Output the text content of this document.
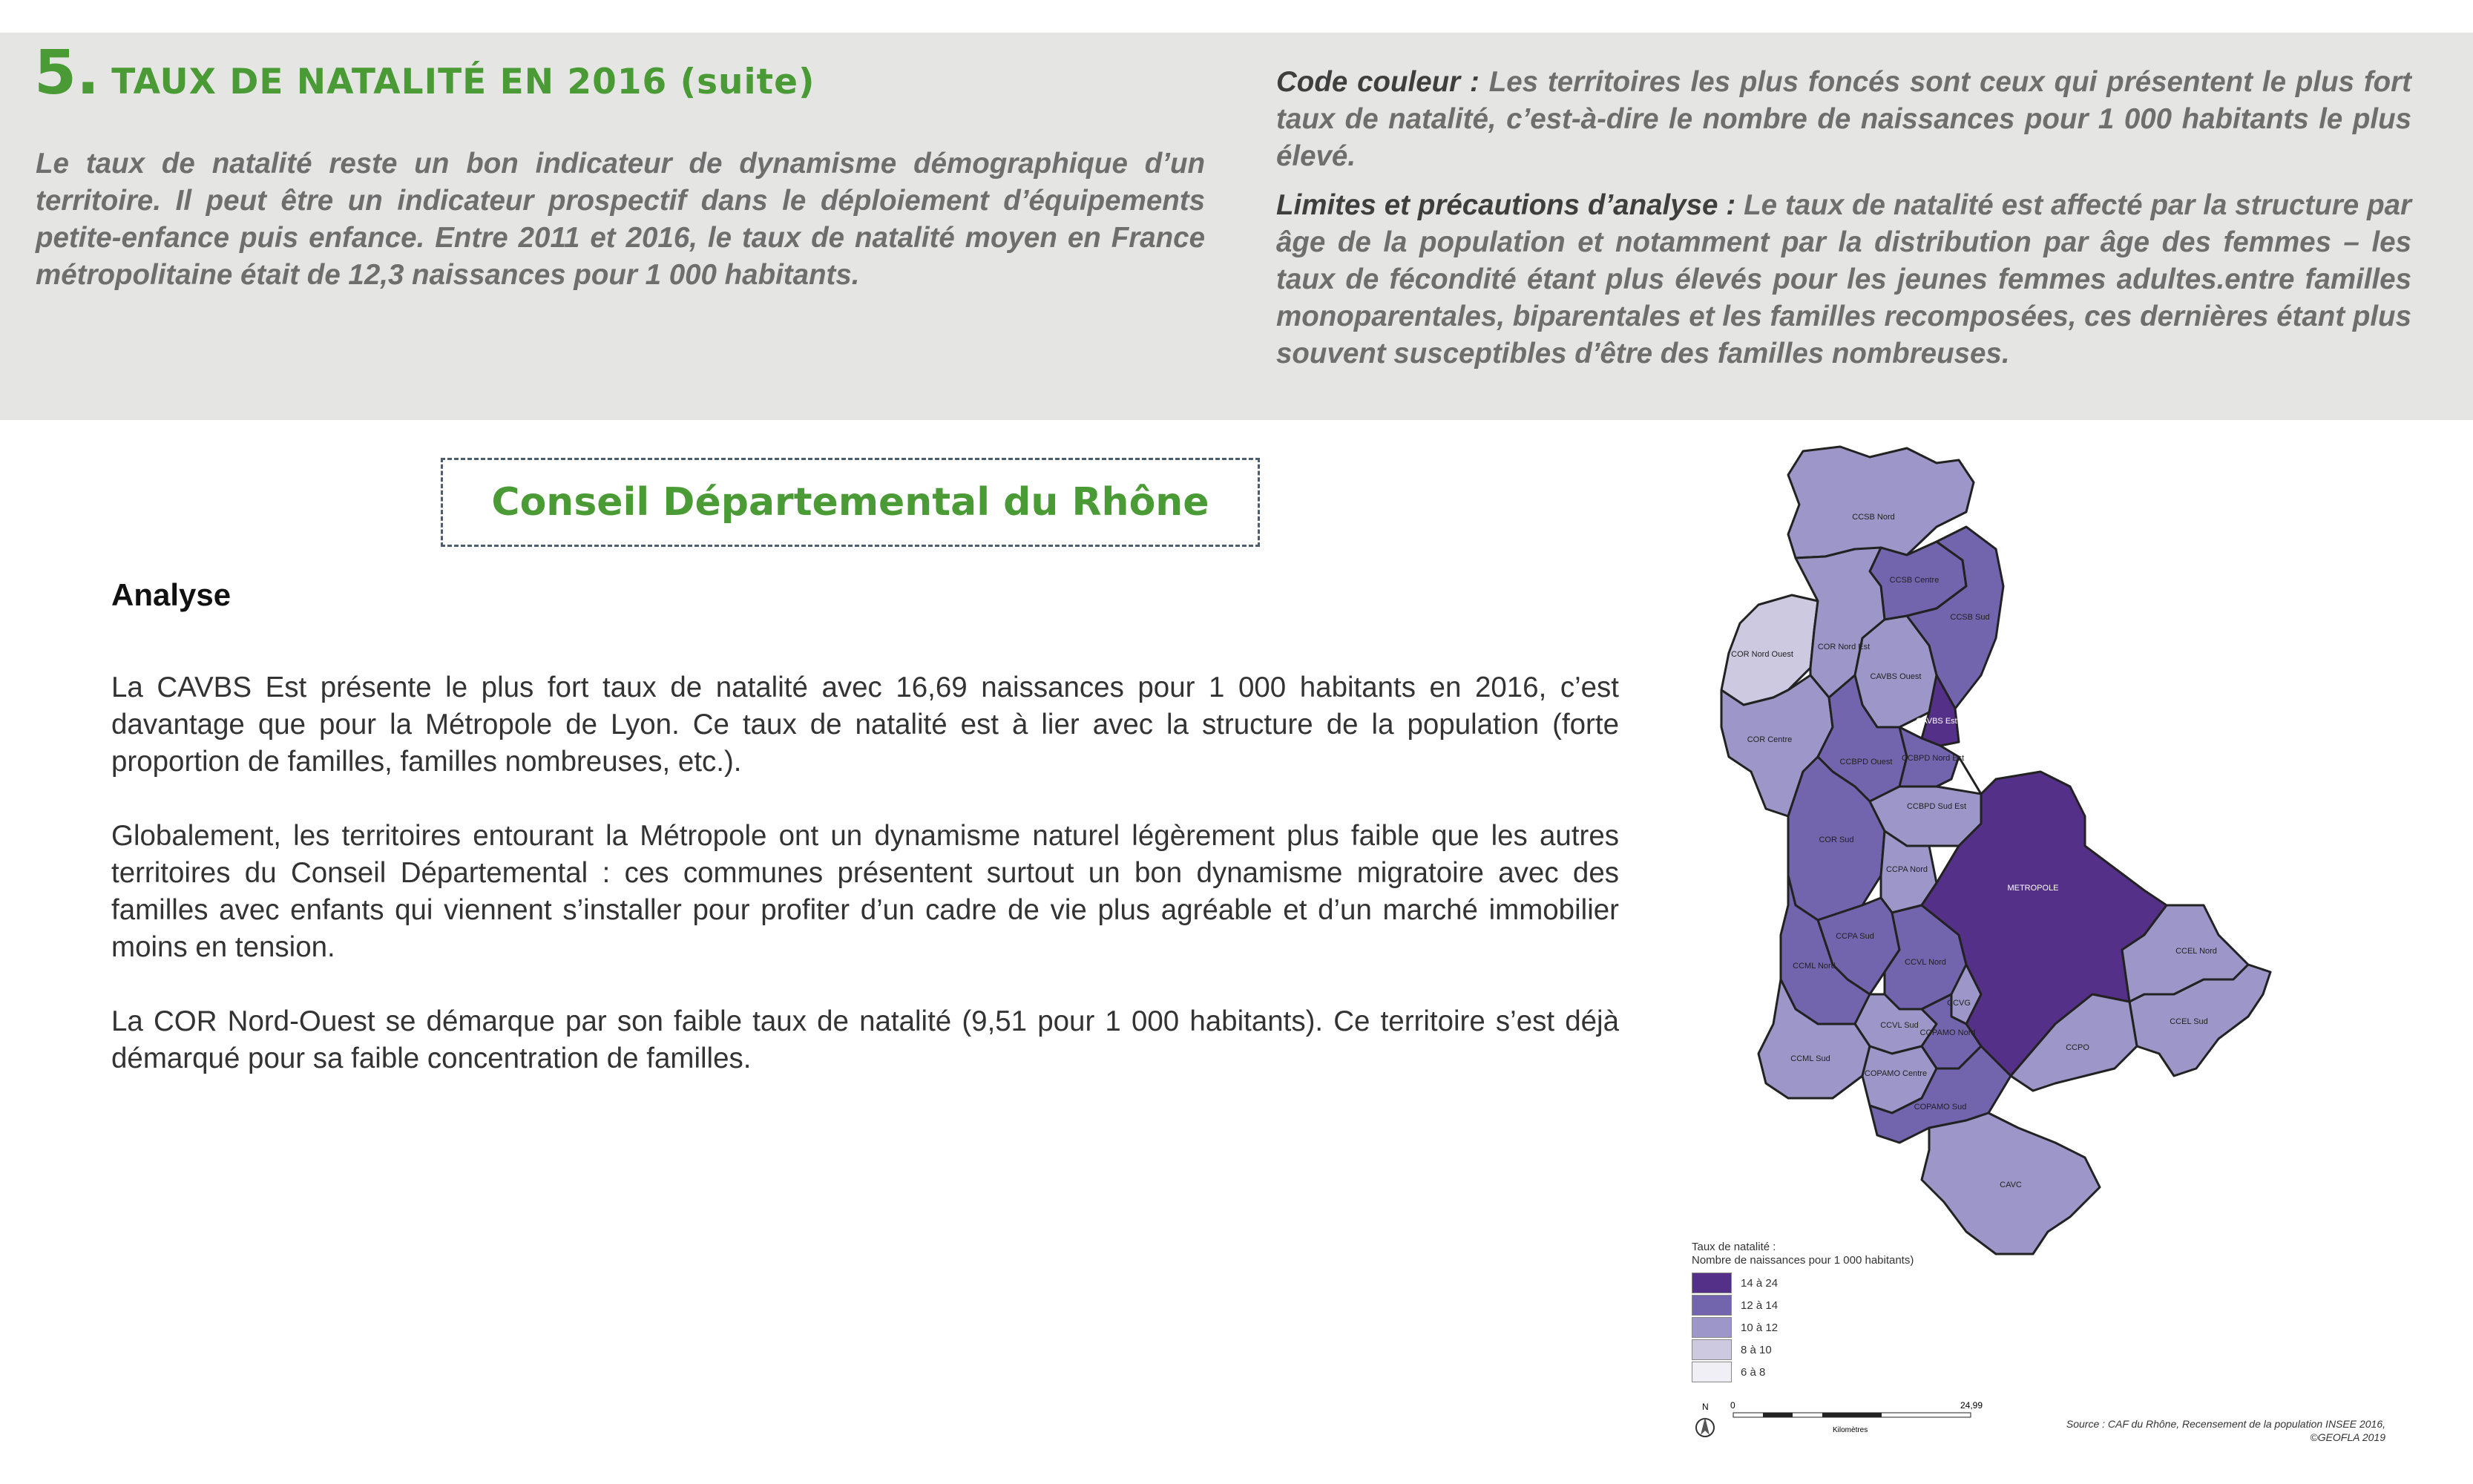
5. TAUX DE NATALITÉ EN 2016 (suite)

Le taux de natalité reste un bon indicateur de dynamisme démographique d’un territoire. Il peut être un indicateur prospectif dans le déploiement d’équipements petite-enfance puis enfance. Entre 2011 et 2016, le taux de natalité moyen en France métropolitaine était de 12,3 naissances pour 1 000 habitants.

Code couleur : Les territoires les plus foncés sont ceux qui présentent le plus fort taux de natalité, c’est-à-dire le nombre de naissances pour 1 000 habitants le plus élevé.

Limites et précautions d’analyse : Le taux de natalité est affecté par la structure par âge de la population et notamment par la distribution par âge des femmes – les taux de fécondité étant plus élevés pour les jeunes femmes adultes.entre familles monoparentales, biparentales et les familles recomposées, ces dernières étant plus souvent susceptibles d’être des familles nombreuses.

Conseil Départemental du Rhône
Analyse

La CAVBS Est présente le plus fort taux de natalité avec 16,69 naissances pour 1 000 habitants en 2016, c’est davantage que pour la Métropole de Lyon. Ce taux de natalité est à lier avec la structure de la population (forte proportion de familles, familles nombreuses, etc.).

Globalement, les territoires entourant la Métropole ont un dynamisme naturel légèrement plus faible que les autres territoires du Conseil Départemental : ces communes présentent surtout un bon dynamisme migratoire avec des familles avec enfants qui viennent s’installer pour profiter d’un cadre de vie plus agréable et d’un marché immobilier moins en tension.

La COR Nord-Ouest se démarque par son faible taux de natalité (9,51 pour 1 000 habitants). Ce territoire s’est déjà démarqué pour sa faible concentration de familles.

CCSB Nord
CCSB Centre
CCSB Sud
COR Nord Ouest
COR Nord Est
CAVBS Ouest
CAVBS Est
COR Centre
CCBPD Ouest CCBPD Nord Est
COR Sud
CCBPD Sud Est
CCPA Nord
CCPA Sud
CCVL Nord
METROPOLE
CCEL Nord
CCML Nord
CCVL Sud
CCVG
CCEL Sud
COPAMO Nord
CCML Sud
COPAMO Centre
CCPO
COPAMO Sud
CAVC
Taux de natalité :
Nombre de naissances pour 1 000 habitants)
14 à 24
12 à 14
10 à 12
8 à 10
6 à 8
N 0	24,99
Kilomètres
Source : CAF du Rhône, Recensement de la population INSEE 2016,
©GEOFLA 2019
